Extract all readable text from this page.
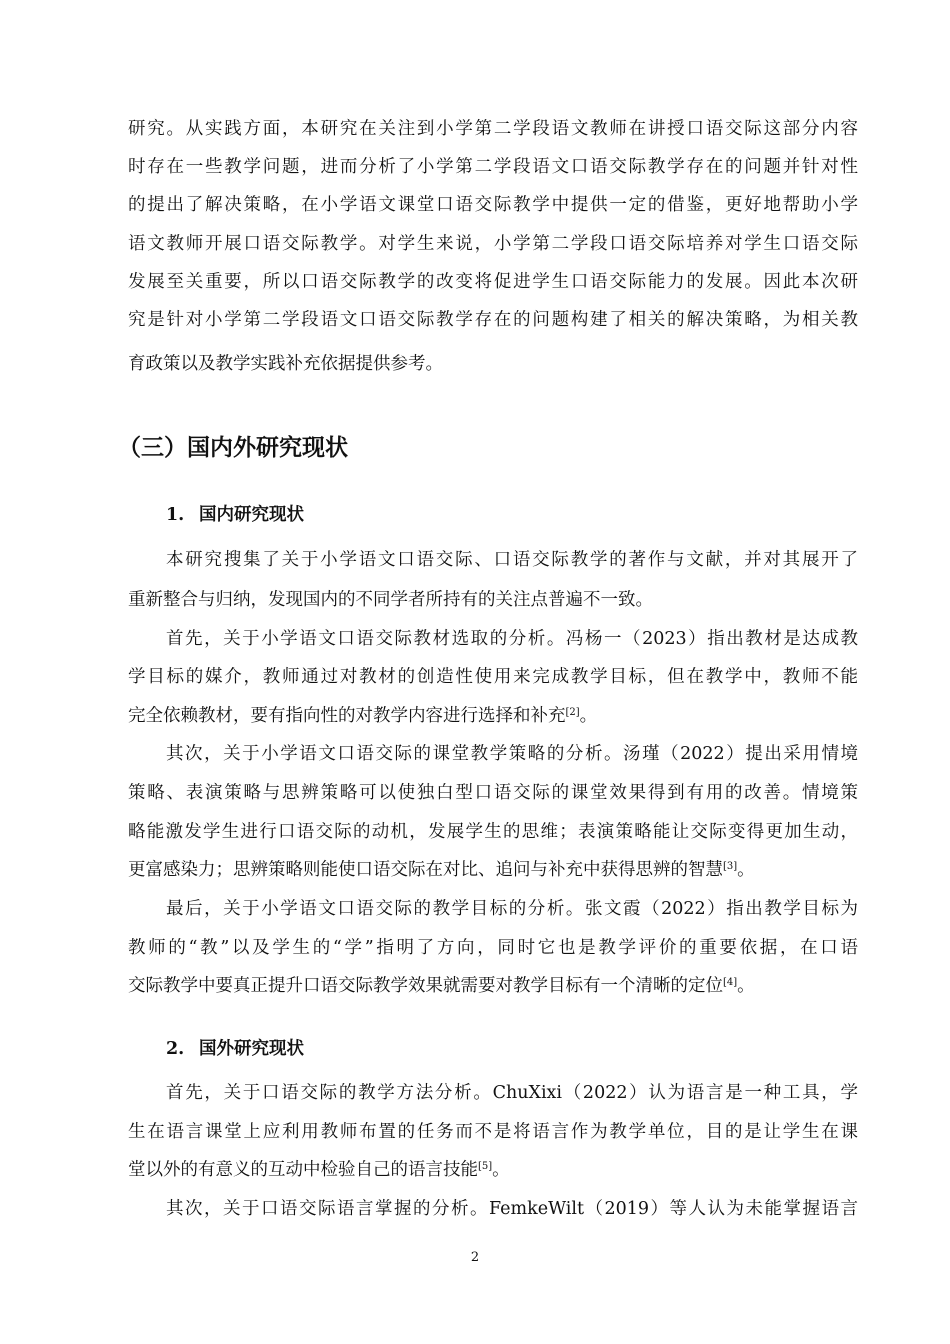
研究。从实践方面，本研究在关注到小学第二学段语文教师在讲授口语交际这部分内容
时存在一些教学问题，进而分析了小学第二学段语文口语交际教学存在的问题并针对性
的提出了解决策略，在小学语文课堂口语交际教学中提供一定的借鉴，更好地帮助小学
语文教师开展口语交际教学。对学生来说，小学第二学段口语交际培养对学生口语交际
发展至关重要，所以口语交际教学的改变将促进学生口语交际能力的发展。因此本次研
究是针对小学第二学段语文口语交际教学存在的问题构建了相关的解决策略，为相关教
育政策以及教学实践补充依据提供参考。
（三）国内外研究现状
1. 国内研究现状
本研究搜集了关于小学语文口语交际、口语交际教学的著作与文献，并对其展开了
重新整合与归纳，发现国内的不同学者所持有的关注点普遍不一致。
首先，关于小学语文口语交际教材选取的分析。冯杨一（2023）指出教材是达成教
学目标的媒介，教师通过对教材的创造性使用来完成教学目标，但在教学中，教师不能
完全依赖教材，要有指向性的对教学内容进行选择和补充[2]。
其次，关于小学语文口语交际的课堂教学策略的分析。汤瑾（2022）提出采用情境
策略、表演策略与思辨策略可以使独白型口语交际的课堂效果得到有用的改善。情境策
略能激发学生进行口语交际的动机，发展学生的思维；表演策略能让交际变得更加生动，
更富感染力；思辨策略则能使口语交际在对比、追问与补充中获得思辨的智慧[3]。
最后，关于小学语文口语交际的教学目标的分析。张文霞（2022）指出教学目标为
教师的“教”以及学生的“学”指明了方向，同时它也是教学评价的重要依据，在口语
交际教学中要真正提升口语交际教学效果就需要对教学目标有一个清晰的定位[4]。
2. 国外研究现状
首先，关于口语交际的教学方法分析。ChuXixi（2022）认为语言是一种工具，学
生在语言课堂上应利用教师布置的任务而不是将语言作为教学单位，目的是让学生在课
堂以外的有意义的互动中检验自己的语言技能[5]。
其次，关于口语交际语言掌握的分析。FemkeWilt（2019）等人认为未能掌握语言
2
